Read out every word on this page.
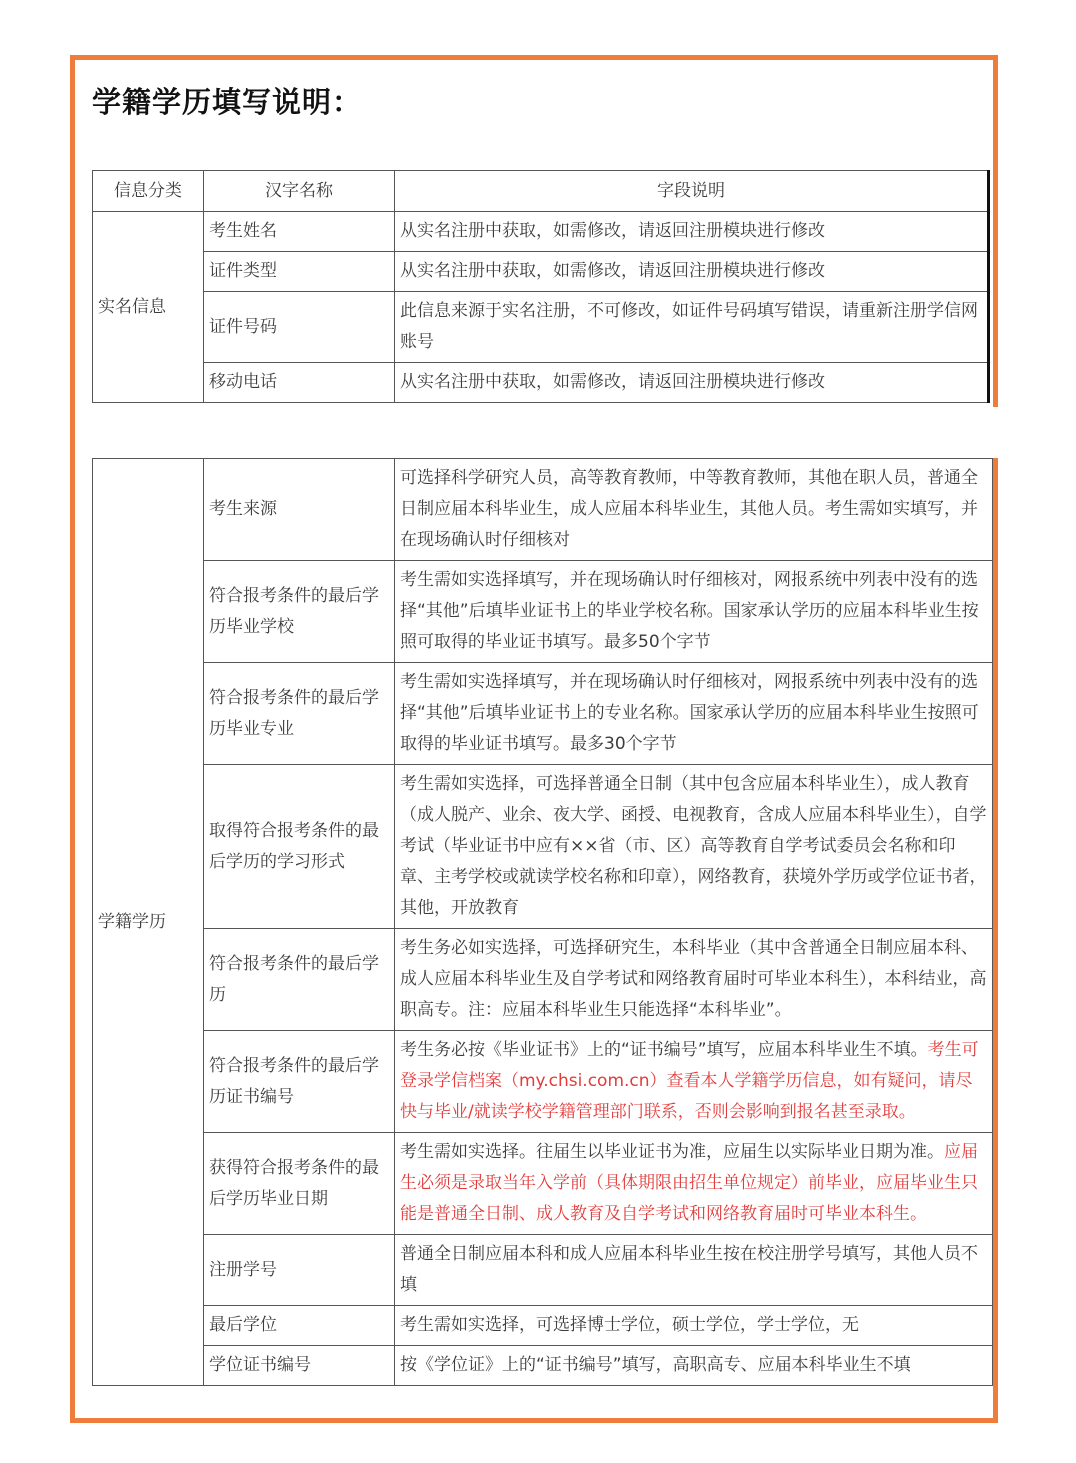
学籍学历填写说明：
信息分类	汉字名称	字段说明
实名信息	考生姓名	从实名注册中获取，如需修改，请返回注册模块进行修改
	证件类型	从实名注册中获取，如需修改，请返回注册模块进行修改
	证件号码	此信息来源于实名注册，不可修改，如证件号码填写错误，请重新注册学信网账号
	移动电话	从实名注册中获取，如需修改，请返回注册模块进行修改
学籍学历	考生来源	可选择科学研究人员，高等教育教师，中等教育教师，其他在职人员，普通全日制应届本科毕业生，成人应届本科毕业生，其他人员。考生需如实填写，并在现场确认时仔细核对
	符合报考条件的最后学历毕业学校	考生需如实选择填写，并在现场确认时仔细核对，网报系统中列表中没有的选择“其他”后填毕业证书上的毕业学校名称。国家承认学历的应届本科毕业生按照可取得的毕业证书填写。最多50个字节
	符合报考条件的最后学历毕业专业	考生需如实选择填写，并在现场确认时仔细核对，网报系统中列表中没有的选择“其他”后填毕业证书上的专业名称。国家承认学历的应届本科毕业生按照可取得的毕业证书填写。最多30个字节
	取得符合报考条件的最后学历的学习形式	考生需如实选择，可选择普通全日制（其中包含应届本科毕业生），成人教育（成人脱产、业余、夜大学、函授、电视教育，含成人应届本科毕业生），自学考试（毕业证书中应有××省（市、区）高等教育自学考试委员会名称和印章、主考学校或就读学校名称和印章），网络教育，获境外学历或学位证书者，其他，开放教育
	符合报考条件的最后学历	考生务必如实选择，可选择研究生，本科毕业（其中含普通全日制应届本科、成人应届本科毕业生及自学考试和网络教育届时可毕业本科生），本科结业，高职高专。注：应届本科毕业生只能选择“本科毕业”。
	符合报考条件的最后学历证书编号	考生务必按《毕业证书》上的“证书编号”填写，应届本科毕业生不填。考生可登录学信档案（my.chsi.com.cn）查看本人学籍学历信息，如有疑问，请尽快与毕业/就读学校学籍管理部门联系，否则会影响到报名甚至录取。
	获得符合报考条件的最后学历毕业日期	考生需如实选择。往届生以毕业证书为准，应届生以实际毕业日期为准。应届生必须是录取当年入学前（具体期限由招生单位规定）前毕业，应届毕业生只能是普通全日制、成人教育及自学考试和网络教育届时可毕业本科生。
	注册学号	普通全日制应届本科和成人应届本科毕业生按在校注册学号填写，其他人员不填
	最后学位	考生需如实选择，可选择博士学位，硕士学位，学士学位，无
	学位证书编号	按《学位证》上的“证书编号”填写，高职高专、应届本科毕业生不填
